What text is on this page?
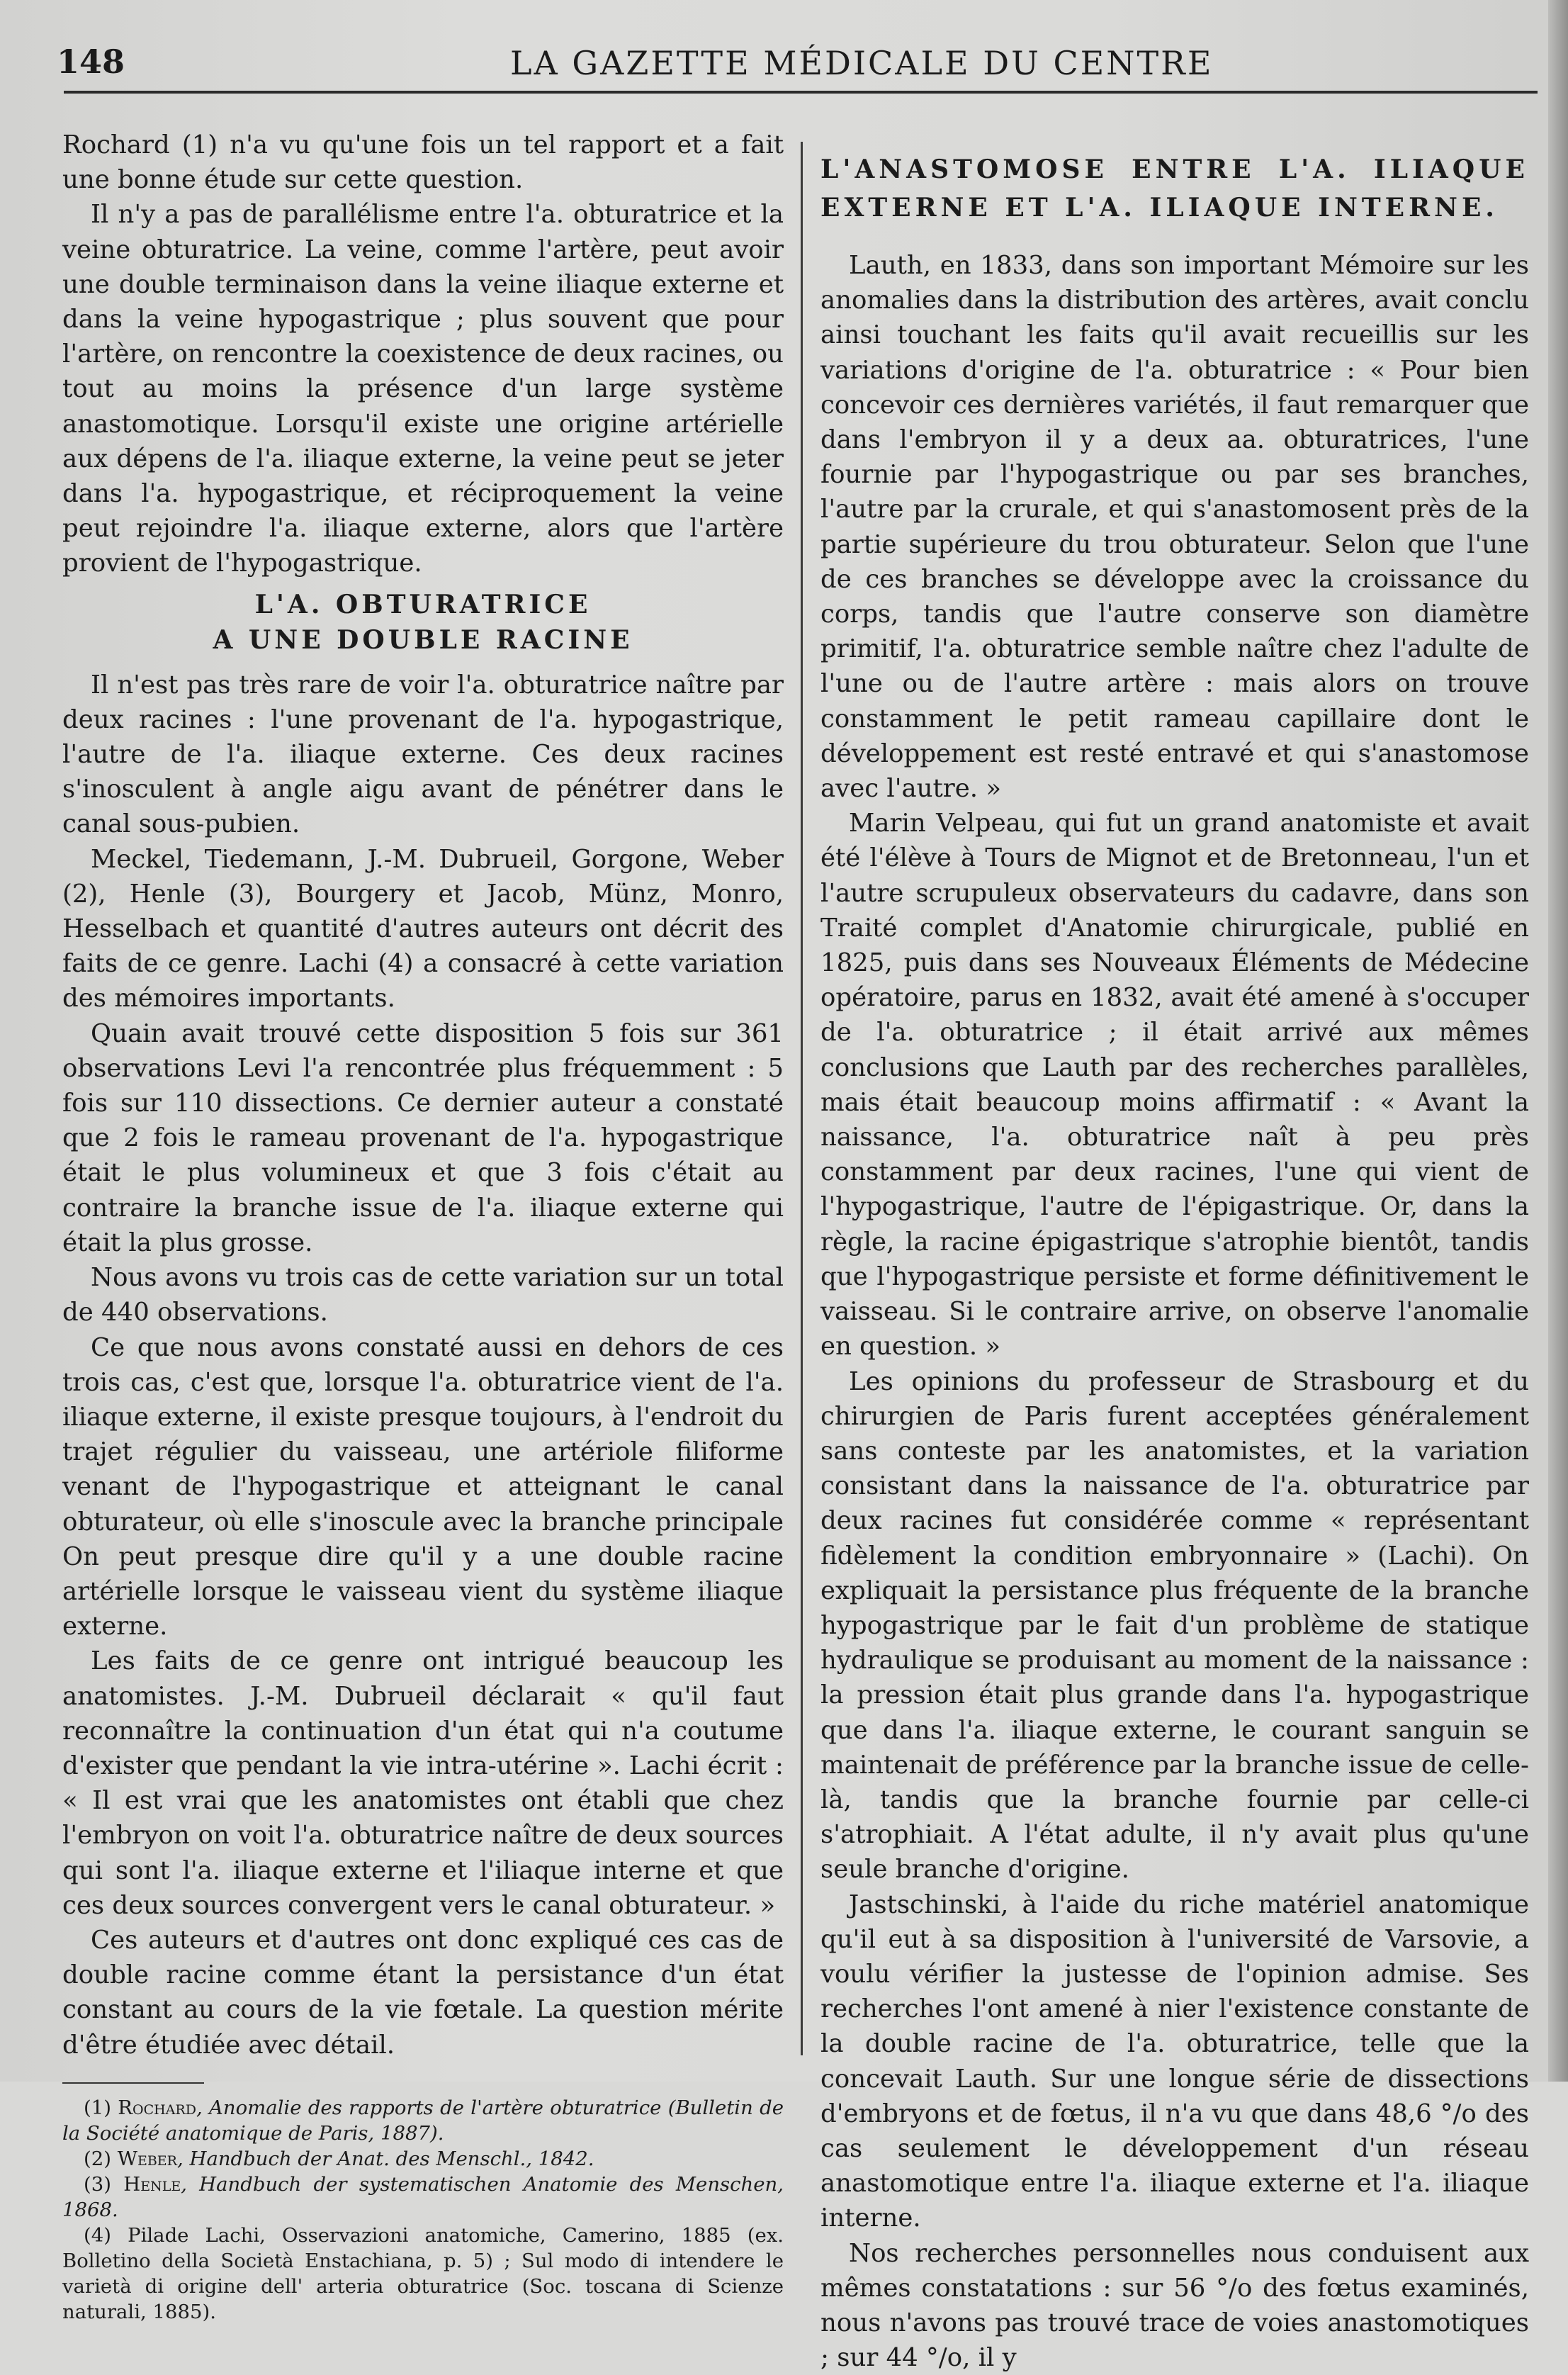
148	LA GAZETTE MÉDICALE DU CENTRE

Rochard (1) n'a vu qu'une fois un tel rapport et a fait une bonne étude sur cette question.

Il n'y a pas de parallélisme entre l'a. obturatrice et la veine obturatrice. La veine, comme l'artère, peut avoir une double terminaison dans la veine iliaque externe et dans la veine hypogastrique ; plus souvent que pour l'artère, on rencontre la coexistence de deux racines, ou tout au moins la présence d'un large système anastomotique. Lorsqu'il existe une origine artérielle aux dépens de l'a. iliaque externe, la veine peut se jeter dans l'a. hypogastrique, et réciproquement la veine peut rejoindre l'a. iliaque externe, alors que l'artère provient de l'hypogastrique.

L'A. OBTURATRICE
A UNE DOUBLE RACINE

Il n'est pas très rare de voir l'a. obturatrice naître par deux racines : l'une provenant de l'a. hypogastrique, l'autre de l'a. iliaque externe. Ces deux racines s'inosculent à angle aigu avant de pénétrer dans le canal sous-pubien.

Meckel, Tiedemann, J.-M. Dubrueil, Gorgone, Weber (2), Henle (3), Bourgery et Jacob, Münz, Monro, Hesselbach et quantité d'autres auteurs ont décrit des faits de ce genre. Lachi (4) a consacré à cette variation des mémoires importants.

Quain avait trouvé cette disposition 5 fois sur 361 observations Levi l'a rencontrée plus fréquemment : 5 fois sur 110 dissections. Ce dernier auteur a constaté que 2 fois le rameau provenant de l'a. hypogastrique était le plus volumineux et que 3 fois c'était au contraire la branche issue de l'a. iliaque externe qui était la plus grosse.

Nous avons vu trois cas de cette variation sur un total de 440 observations.

Ce que nous avons constaté aussi en dehors de ces trois cas, c'est que, lorsque l'a. obturatrice vient de l'a. iliaque externe, il existe presque toujours, à l'endroit du trajet régulier du vaisseau, une artériole filiforme venant de l'hypogastrique et atteignant le canal obturateur, où elle s'inoscule avec la branche principale On peut presque dire qu'il y a une double racine artérielle lorsque le vaisseau vient du système iliaque externe.

Les faits de ce genre ont intrigué beaucoup les anatomistes. J.-M. Dubrueil déclarait « qu'il faut reconnaître la continuation d'un état qui n'a coutume d'exister que pendant la vie intra-utérine ». Lachi écrit : « Il est vrai que les anatomistes ont établi que chez l'embryon on voit l'a. obturatrice naître de deux sources qui sont l'a. iliaque externe et l'iliaque interne et que ces deux sources convergent vers le canal obturateur. »

Ces auteurs et d'autres ont donc expliqué ces cas de double racine comme étant la persistance d'un état constant au cours de la vie fœtale. La question mérite d'être étudiée avec détail.

(1) Rochard, Anomalie des rapports de l'artère obturatrice (Bulletin de la Société anatomique de Paris, 1887).

(2) Weber, Handbuch der Anat. des Menschl., 1842.

(3) Henle, Handbuch der systematischen Anatomie des Menschen, 1868.

(4) Pilade Lachi, Osservazioni anatomiche, Camerino, 1885 (ex. Bolletino della Società Enstachiana, p. 5) ; Sul modo di intendere le varietà di origine dell' arteria obturatrice (Soc. toscana di Scienze naturali, 1885).

L'ANASTOMOSE ENTRE L'A. ILIAQUE EXTERNE ET L'A. ILIAQUE INTERNE.

Lauth, en 1833, dans son important Mémoire sur les anomalies dans la distribution des artères, avait conclu ainsi touchant les faits qu'il avait recueillis sur les variations d'origine de l'a. obturatrice : « Pour bien concevoir ces dernières variétés, il faut remarquer que dans l'embryon il y a deux aa. obturatrices, l'une fournie par l'hypogastrique ou par ses branches, l'autre par la crurale, et qui s'anastomosent près de la partie supérieure du trou obturateur. Selon que l'une de ces branches se développe avec la croissance du corps, tandis que l'autre conserve son diamètre primitif, l'a. obturatrice semble naître chez l'adulte de l'une ou de l'autre artère : mais alors on trouve constamment le petit rameau capillaire dont le développement est resté entravé et qui s'anastomose avec l'autre. »

Marin Velpeau, qui fut un grand anatomiste et avait été l'élève à Tours de Mignot et de Bretonneau, l'un et l'autre scrupuleux observateurs du cadavre, dans son Traité complet d'Anatomie chirurgicale, publié en 1825, puis dans ses Nouveaux Éléments de Médecine opératoire, parus en 1832, avait été amené à s'occuper de l'a. obturatrice ; il était arrivé aux mêmes conclusions que Lauth par des recherches parallèles, mais était beaucoup moins affirmatif : « Avant la naissance, l'a. obturatrice naît à peu près constamment par deux racines, l'une qui vient de l'hypogastrique, l'autre de l'épigastrique. Or, dans la règle, la racine épigastrique s'atrophie bientôt, tandis que l'hypogastrique persiste et forme définitivement le vaisseau. Si le contraire arrive, on observe l'anomalie en question. »

Les opinions du professeur de Strasbourg et du chirurgien de Paris furent acceptées généralement sans conteste par les anatomistes, et la variation consistant dans la naissance de l'a. obturatrice par deux racines fut considérée comme « représentant fidèlement la condition embryonnaire » (Lachi). On expliquait la persistance plus fréquente de la branche hypogastrique par le fait d'un problème de statique hydraulique se produisant au moment de la naissance : la pression était plus grande dans l'a. hypogastrique que dans l'a. iliaque externe, le courant sanguin se maintenait de préférence par la branche issue de celle-là, tandis que la branche fournie par celle-ci s'atrophiait. A l'état adulte, il n'y avait plus qu'une seule branche d'origine.

Jastschinski, à l'aide du riche matériel anatomique qu'il eut à sa disposition à l'université de Varsovie, a voulu vérifier la justesse de l'opinion admise. Ses recherches l'ont amené à nier l'existence constante de la double racine de l'a. obturatrice, telle que la concevait Lauth. Sur une longue série de dissections d'embryons et de fœtus, il n'a vu que dans 48,6 °/o des cas seulement le développement d'un réseau anastomotique entre l'a. iliaque externe et l'a. iliaque interne.

Nos recherches personnelles nous conduisent aux mêmes constatations : sur 56 °/o des fœtus examinés, nous n'avons pas trouvé trace de voies anastomotiques ; sur 44 °/o, il y
